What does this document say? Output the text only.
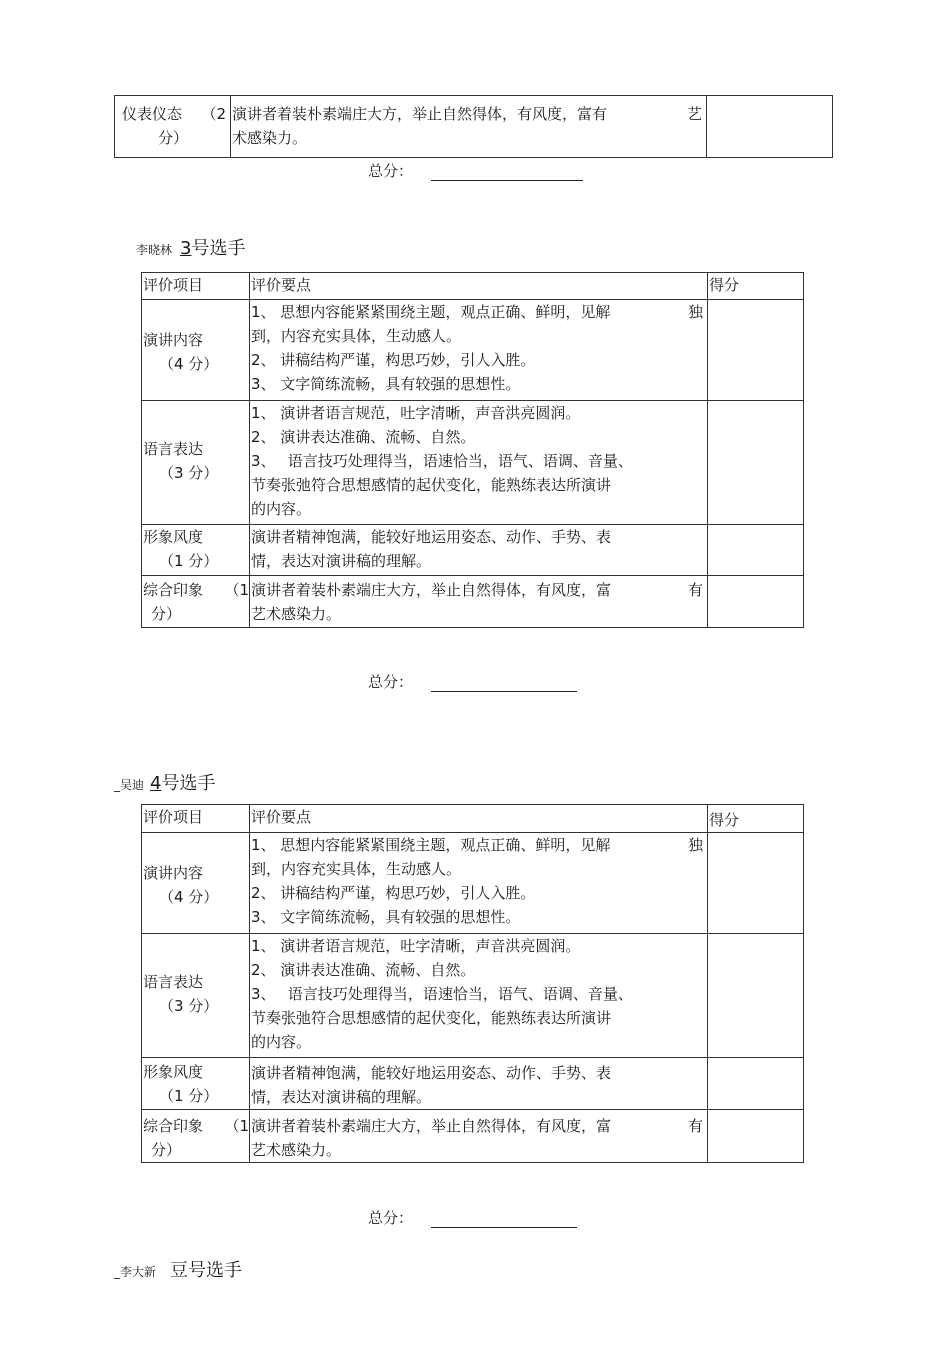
仪表仪态 （2
分）

演讲者着装朴素端庄大方，举止自然得体，有风度，富有	艺
术感染力。

总分：
李晓林 3号选手
评价项目	评价要点	得分
演讲内容
（4 分）	1、 思想内容能紧紧围绕主题，观点正确、鲜明，见解 独
到，内容充实具体，生动感人。
2、 讲稿结构严谨，构思巧妙，引人入胜。
3、 文字简练流畅，具有较强的思想性。	

语言表达
（3 分）	1、 演讲者语言规范，吐字清晰，声音洪亮圆润。
2、 演讲表达准确、流畅、自然。
3、　 语言技巧处理得当，语速恰当，语气、语调、音量、
节奏张弛符合思想感情的起伏变化，能熟练表达所演讲
的内容。	

形象风度
（1 分）	演讲者精神饱满，能较好地运用姿态、动作、手势、表
情，表达对演讲稿的理解。	

综合印象 （1
分）	演讲者着装朴素端庄大方，举止自然得体，有风度，富 有
艺术感染力。	

总分：
_吴迪 4号选手
评价项目	评价要点	得分
演讲内容
（4 分）	1、 思想内容能紧紧围绕主题，观点正确、鲜明，见解 独
到，内容充实具体，生动感人。
2、 讲稿结构严谨，构思巧妙，引人入胜。
3、 文字简练流畅，具有较强的思想性。	

语言表达
（3 分）	1、 演讲者语言规范，吐字清晰，声音洪亮圆润。
2、 演讲表达准确、流畅、自然。
3、　 语言技巧处理得当，语速恰当，语气、语调、音量、
节奏张弛符合思想感情的起伏变化，能熟练表达所演讲
的内容。	

形象风度
（1 分）	演讲者精神饱满，能较好地运用姿态、动作、手势、表
情，表达对演讲稿的理解。	

综合印象 （1
分）	演讲者着装朴素端庄大方，举止自然得体，有风度，富 有
艺术感染力。	

总分：
_李大新 豆号选手
